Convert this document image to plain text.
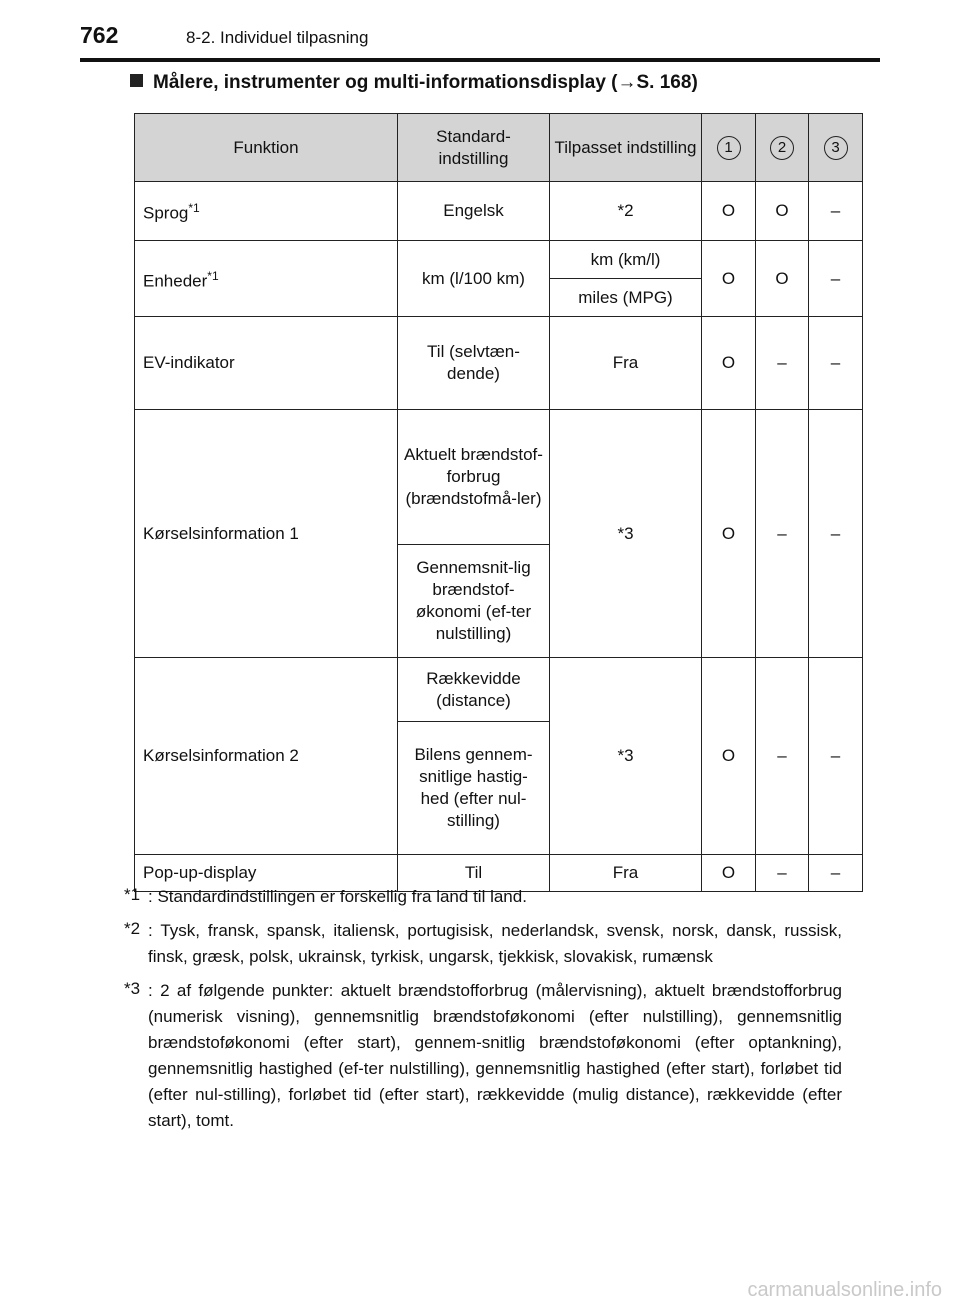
762	8-2. Individuel tilpasning
Målere, instrumenter og multi-informationsdisplay (→S. 168)
Funktion	Standard-indstilling	Tilpasset indstilling	1	2	3
Sprog$^{*1}$	Engelsk	*2	O	O	–
Enheder$^{*1}$	km (l/100 km)	km (km/l)	O	O	–
		miles (MPG)			
EV-indikator	Til (selvtæn-dende)	Fra	O	–	–
Kørselsinformation 1	Aktuelt brændstof-forbrug (brændstofmå-ler)	*3	O	–	–

	Gennemsnit-lig brændstof-økonomi (ef-ter nulstilling)				

Kørselsinformation 2	Rækkevidde (distance)	*3	O	–	–

	Bilens gennem-snitlige hastig-hed (efter nul-stilling)				

Pop-up-display	Til	Fra	O	–	–
*1 : Standardindstillingen er forskellig fra land til land.
*2 : Tysk, fransk, spansk, italiensk, portugisisk, nederlandsk, svensk, norsk, dansk, russisk, finsk, græsk, polsk, ukrainsk, tyrkisk, ungarsk, tjekkisk, slovakisk, rumænsk
*3 : 2 af følgende punkter: aktuelt brændstofforbrug (målervisning), aktuelt brændstofforbrug (numerisk visning), gennemsnitlig brændstoføkonomi (efter nulstilling), gennemsnitlig brændstoføkonomi (efter start), gennem-snitlig brændstoføkonomi (efter optankning), gennemsnitlig hastighed (ef-ter nulstilling), gennemsnitlig hastighed (efter start), forløbet tid (efter nul-stilling), forløbet tid (efter start), rækkevidde (mulig distance), rækkevidde (efter start), tomt.
carmanualsonline.info
